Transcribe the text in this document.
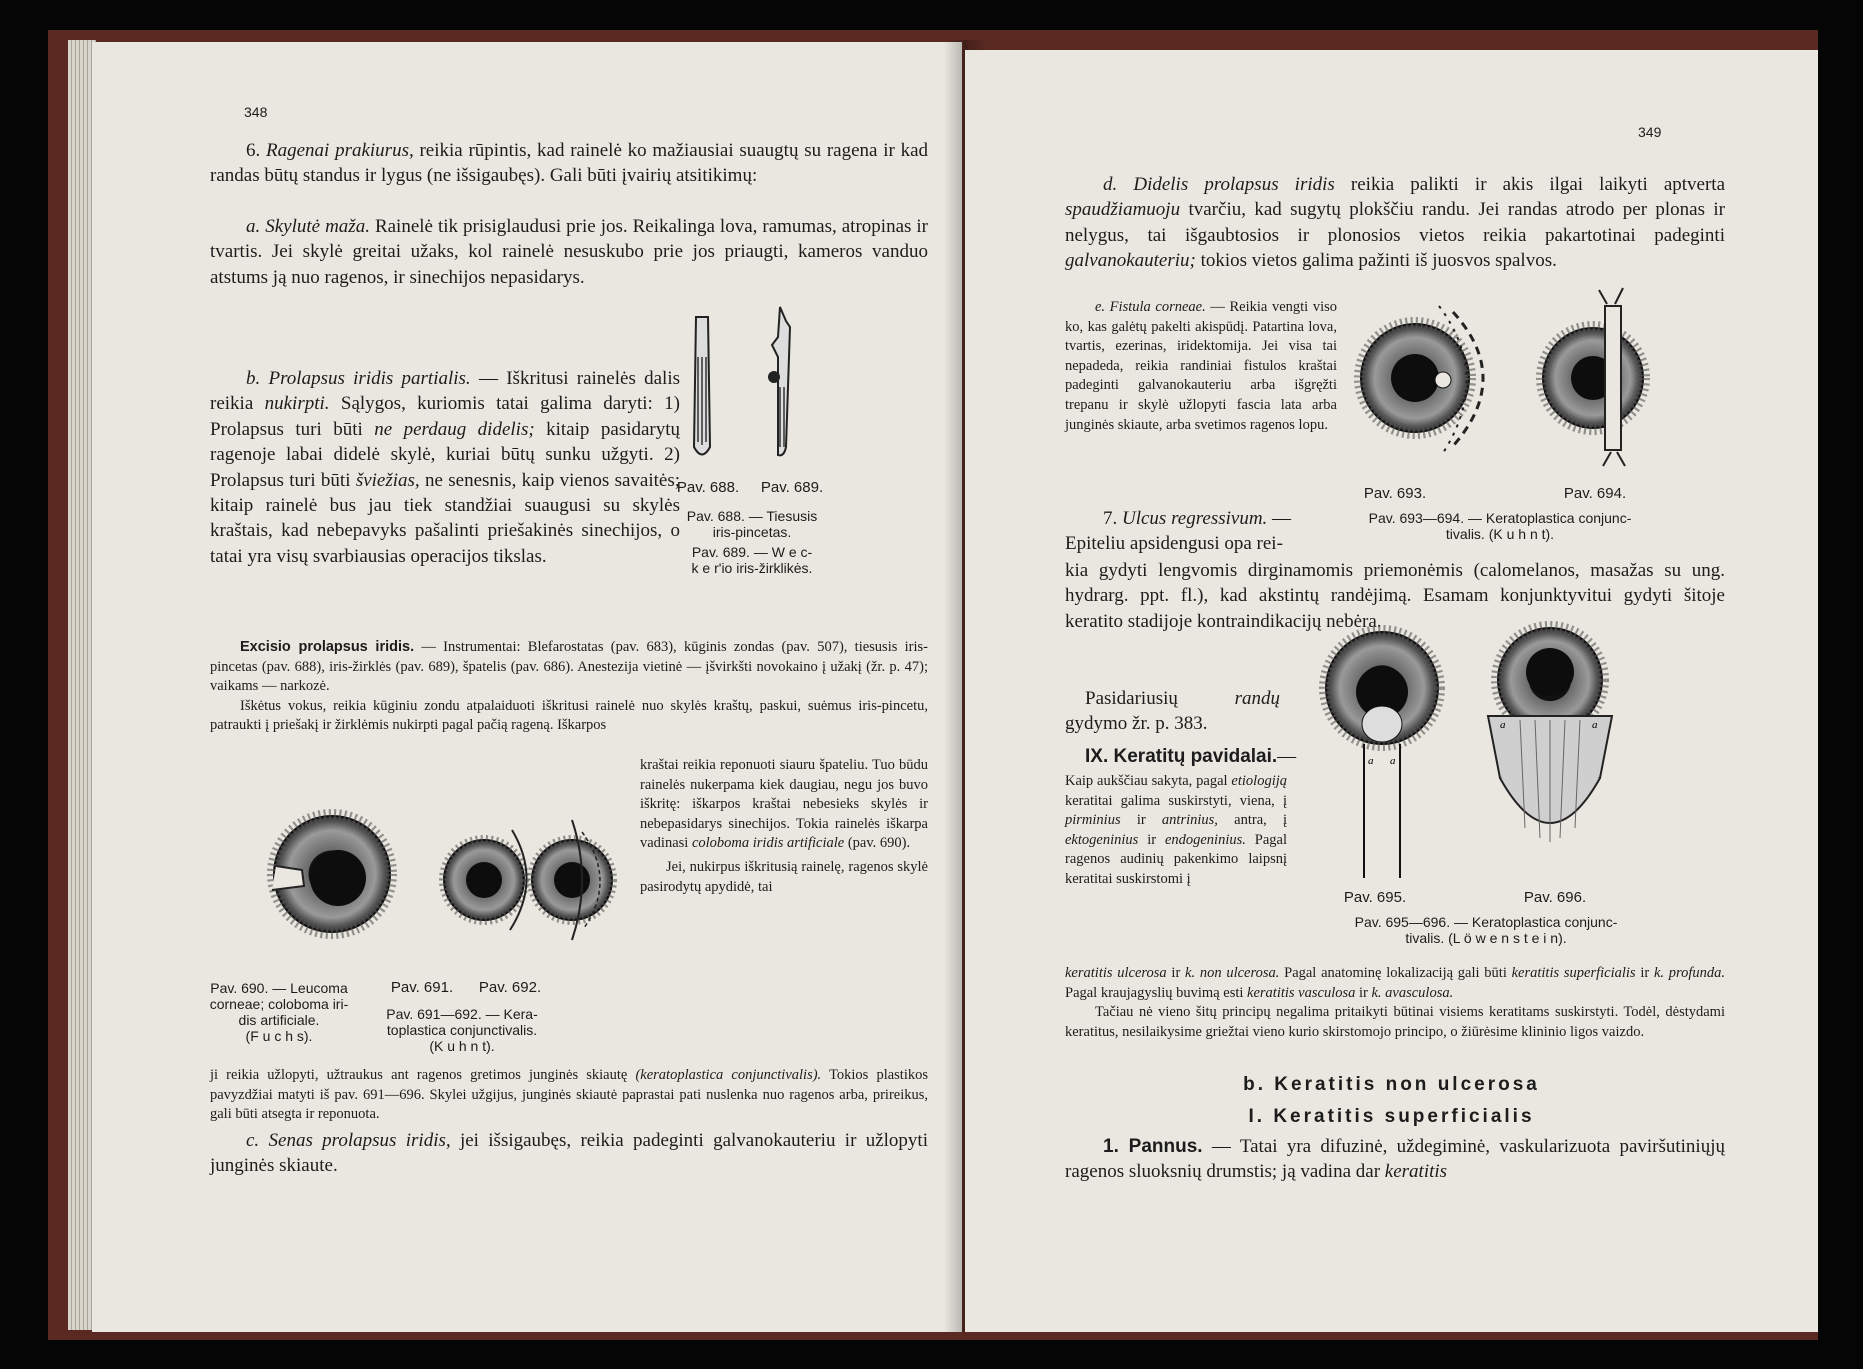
348

6. Ragenai prakiurus, reikia rūpintis, kad rainelė ko mažiausiai suaugtų su ragena ir kad randas būtų standus ir lygus (ne išsigaubęs). Gali būti įvairių atsitikimų:

a. Skylutė maža. Rainelė tik prisiglaudusi prie jos. Reikalinga lova, ramumas, atropinas ir tvartis. Jei skylė greitai užaks, kol rainelė nesuskubo prie jos priaugti, kameros vanduo atstums ją nuo ragenos, ir sinechijos nepasidarys.

b. Prolapsus iridis partialis. — Iškritusi rainelės dalis reikia nukirpti. Sąlygos, kuriomis tatai galima daryti: 1) Prolapsus turi būti ne perdaug didelis; kitaip pasidarytų ragenoje labai didelė skylė, kuriai būtų sunku užgyti. 2) Prolapsus turi būti šviežias, ne senesnis, kaip vienos savaitės; kitaip rainelė bus jau tiek standžiai suaugusi su skylės kraštais, kad nebepavyks pašalinti priešakinės sinechijos, o tatai yra visų svarbiausias operacijos tikslas.

Pav. 688.	Pav. 689.
Pav. 688. — Tiesusis
iris-pincetas.
Pav. 689. — W e c-
k e r'io iris-žirklikės.

Excisio prolapsus iridis. — Instrumentai: Blefarostatas (pav. 683), kūginis zondas (pav. 507), tiesusis iris-pincetas (pav. 688), iris-žirklės (pav. 689), špatelis (pav. 686). Anestezija vietinė — įšvirkšti novokaino į užakį (žr. p. 47); vaikams — narkozė.

Iškėtus vokus, reikia kūginiu zondu atpalaiduoti iškritusi rainelė nuo skylės kraštų, paskui, suėmus iris-pincetu, patraukti į priešakį ir žirklėmis nukirpti pagal pačią rageną. Iškarpos

kraštai reikia reponuoti siauru špateliu. Tuo būdu rainelės nukerpama kiek daugiau, negu jos buvo iškritę: iškarpos kraštai nebesieks skylės ir nebepasidarys sinechijos. Tokia rainelės iškarpa vadinasi coloboma iridis artificiale (pav. 690).

Jei, nukirpus iškritusią rainelę, ragenos skylė pasirodytų apydidė, tai

Pav. 690. — Leucoma
corneae; coloboma iri-
dis artificiale.
(F u c h s).
Pav. 691.	Pav. 692.
Pav. 691—692. — Kera-
toplastica conjunctivalis.
(K u h n t).

ji reikia užlopyti, užtraukus ant ragenos gretimos junginės skiautę (keratoplastica conjunctivalis). Tokios plastikos pavyzdžiai matyti iš pav. 691—696. Skylei užgijus, junginės skiautė paprastai pati nuslenka nuo ragenos arba, prireikus, gali būti atsegta ir reponuota.

c. Senas prolapsus iridis, jei išsigaubęs, reikia padeginti galvanokauteriu ir užlopyti junginės skiaute.

349

d. Didelis prolapsus iridis reikia palikti ir akis ilgai laikyti aptverta spaudžiamuoju tvarčiu, kad sugytų plokščiu randu. Jei randas atrodo per plonas ir nelygus, tai išgaubtosios ir plonosios vietos reikia pakartotinai padeginti galvanokauteriu; tokios vietos galima pažinti iš juosvos spalvos.

e. Fistula corneae. — Reikia vengti viso ko, kas galėtų pakelti akispūdį. Patartina lova, tvartis, ezerinas, iridektomija. Jei visa tai nepadeda, reikia randiniai fistulos kraštai padeginti galvanokauteriu arba išgręžti trepanu ir skylė užlopyti fascia lata arba junginės skiaute, arba svetimos ragenos lopu.

Pav. 693.	Pav. 694.
Pav. 693—694. — Keratoplastica conjunc-
tivalis. (K u h n t).

7. Ulcus regressivum. —

Epiteliu apsidengusi opa rei-

kia gydyti lengvomis dirginamomis priemonėmis (calomelanos, masažas su ung. hydrarg. ppt. fl.), kad akstintų randėjimą. Esamam konjunktyvitui gydyti šitoje keratito stadijoje kontraindikacijų nebėra.

Pasidariusių	randų gydymo žr. p. 383.

a a
a	a
Pav. 695.	Pav. 696.
Pav. 695—696. — Keratoplastica conjunc-
tivalis. (L ö w e n s t e i n).

IX. Keratitų pavidalai.—

Kaip aukščiau sakyta, pagal etiologiją keratitai galima suskirstyti, viena, į pirminius ir antrinius, antra, į ektogeninius ir endogeninius. Pagal ragenos audinių pakenkimo laipsnį keratitai suskirstomi į

keratitis ulcerosa ir k. non ulcerosa. Pagal anatominę lokalizaciją gali būti keratitis superficialis ir k. profunda. Pagal kraujagyslių buvimą esti keratitis vasculosa ir k. avasculosa.

Tačiau nė vieno šitų principų negalima pritaikyti būtinai visiems keratitams suskirstyti. Todėl, dėstydami keratitus, nesilaikysime griežtai vieno kurio skirstomojo principo, o žiūrėsime klininio ligos vaizdo.

b. Keratitis non ulcerosa
I. Keratitis superficialis

1. Pannus. — Tatai yra difuzinė, uždegiminė, vaskularizuota paviršutiniųjų ragenos sluoksnių drumstis; ją vadina dar keratitis
